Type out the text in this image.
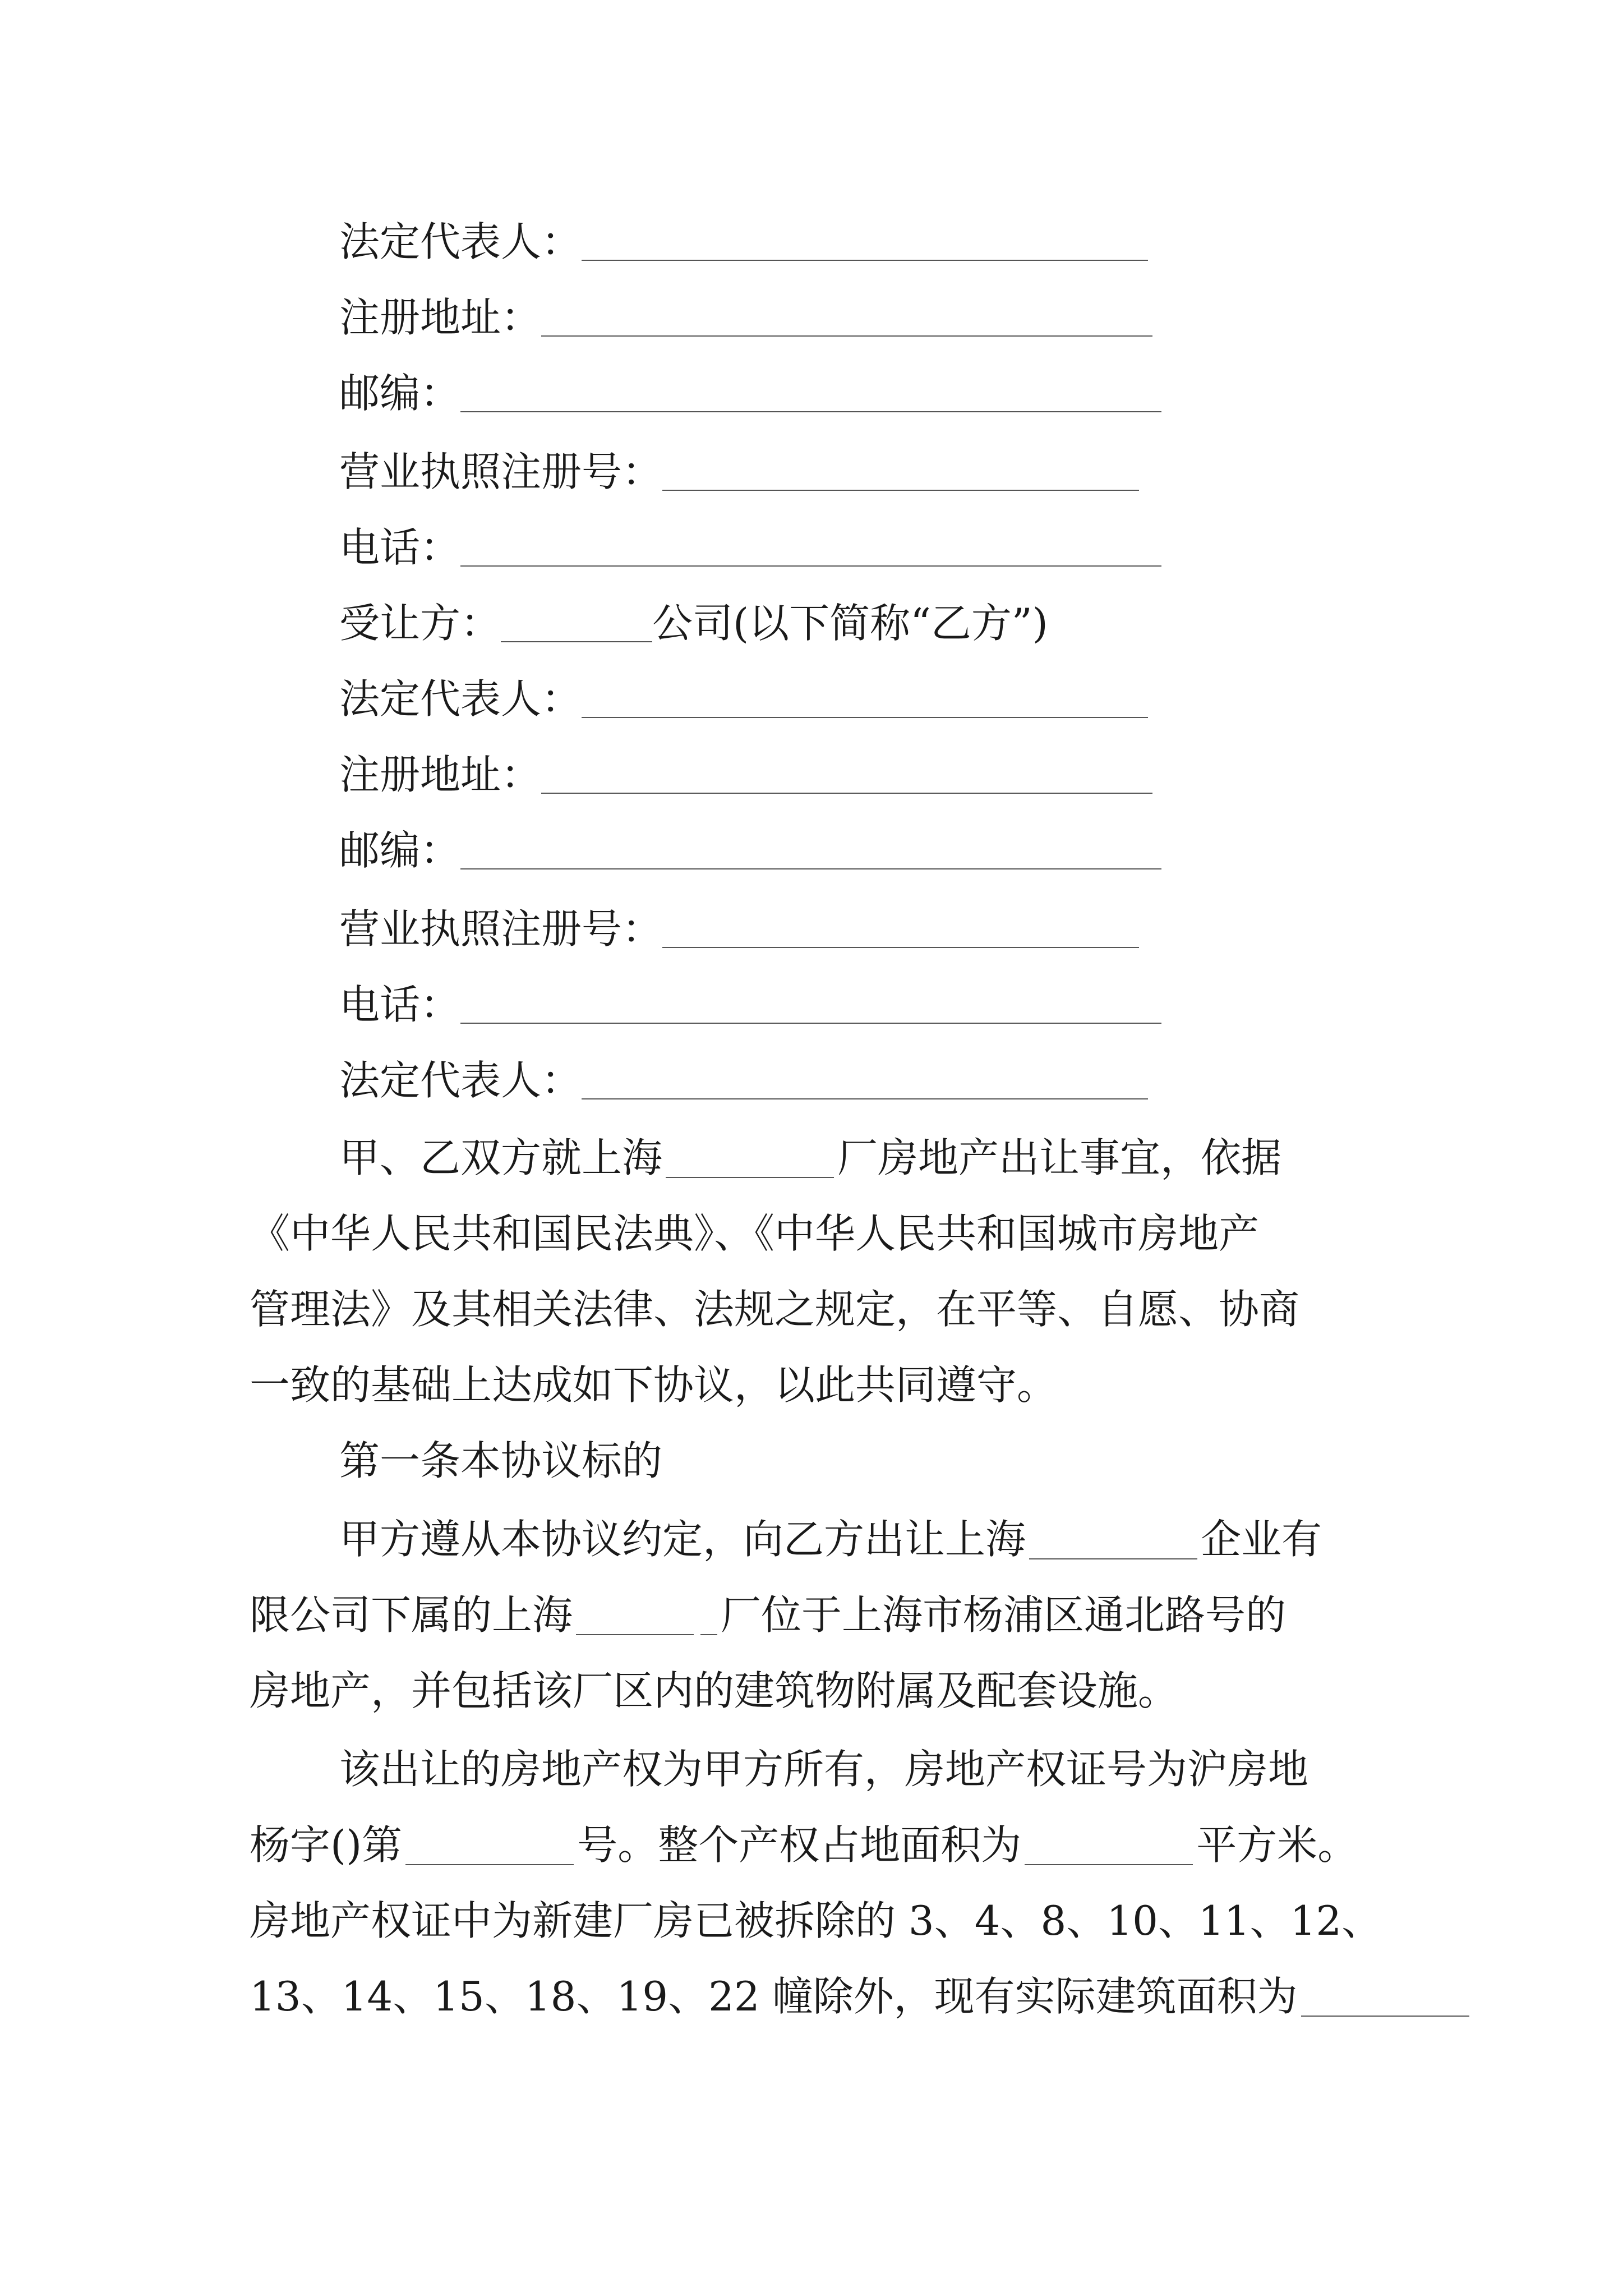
法定代表人：
注册地址：
邮编：
营业执照注册号：
电话：
受让方：	公司(以下简称“乙方”)
法定代表人：
注册地址：
邮编：
营业执照注册号：
电话：
法定代表人：
甲、乙双方就上海	厂房地产出让事宜，依据
《中华人民共和国民法典》、《中华人民共和国城市房地产
管理法》及其相关法律、法规之规定，在平等、自愿、协商
一致的基础上达成如下协议，以此共同遵守。
第一条本协议标的
甲方遵从本协议约定，向乙方出让上海	企业有
限公司下属的上海	厂位于上海市杨浦区通北路号的
房地产，并包括该厂区内的建筑物附属及配套设施。
该出让的房地产权为甲方所有，房地产权证号为沪房地
杨字()第	号。整个产权占地面积为	平方米。
房地产权证中为新建厂房已被拆除的 3、4、8、10、11、12、
13、14、15、18、19、22 幢除外，现有实际建筑面积为
